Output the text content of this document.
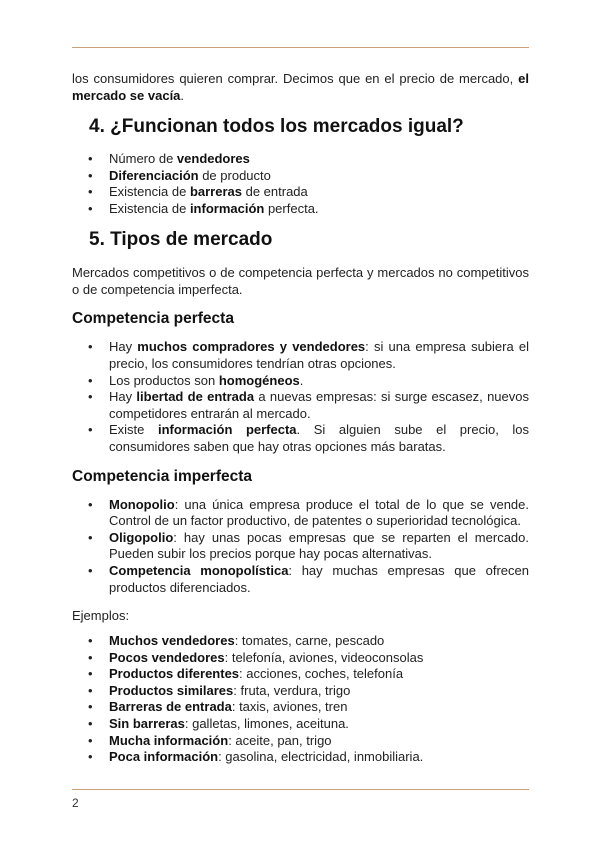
los consumidores quieren comprar. Decimos que en el precio de mercado, el mercado se vacía.

4. ¿Funcionan todos los mercados igual?
• Número de vendedores
• Diferenciación de producto
• Existencia de barreras de entrada
• Existencia de información perfecta.
5. Tipos de mercado

Mercados competitivos o de competencia perfecta y mercados no competitivos o de competencia imperfecta.

Competencia perfecta
• Hay muchos compradores y vendedores: si una empresa subiera el precio, los consumidores tendrían otras opciones.
• Los productos son homogéneos.
• Hay libertad de entrada a nuevas empresas: si surge escasez, nuevos competidores entrarán al mercado.
• Existe información perfecta. Si alguien sube el precio, los consumidores saben que hay otras opciones más baratas.
Competencia imperfecta
• Monopolio: una única empresa produce el total de lo que se vende. Control de un factor productivo, de patentes o superioridad tecnológica.
• Oligopolio: hay unas pocas empresas que se reparten el mercado. Pueden subir los precios porque hay pocas alternativas.
• Competencia monopolística: hay muchas empresas que ofrecen productos diferenciados.

Ejemplos:

• Muchos vendedores: tomates, carne, pescado
• Pocos vendedores: telefonía, aviones, videoconsolas
• Productos diferentes: acciones, coches, telefonía
• Productos similares: fruta, verdura, trigo
• Barreras de entrada: taxis, aviones, tren
• Sin barreras: galletas, limones, aceituna.
• Mucha información: aceite, pan, trigo
• Poca información: gasolina, electricidad, inmobiliaria.
2
